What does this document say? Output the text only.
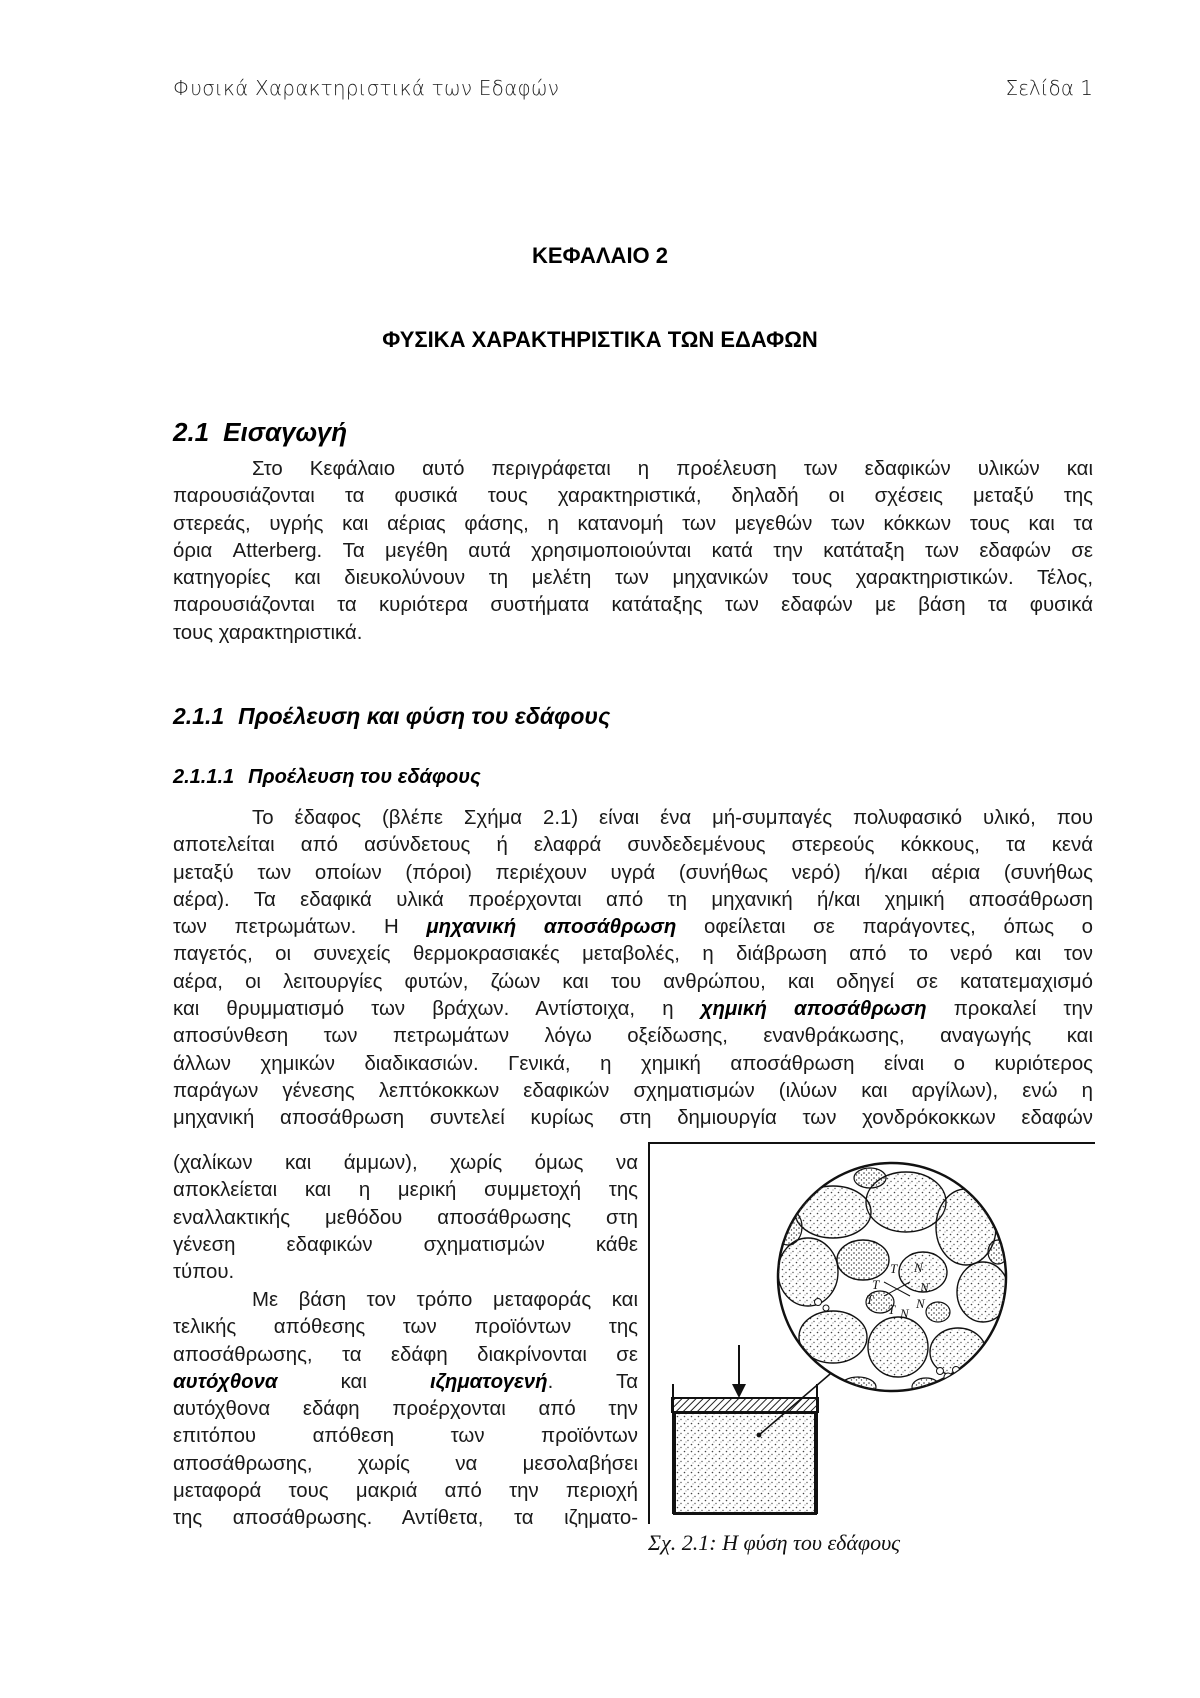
Φυσικά Χαρακτηριστικά των Εδαφών	Σελίδα 1
ΚΕΦΑΛΑΙΟ 2
ΦΥΣΙΚΑ ΧΑΡΑΚΤΗΡΙΣΤΙΚΑ ΤΩΝ ΕΔΑΦΩΝ
2.1 Εισαγωγή
Στο Κεφάλαιο αυτό περιγράφεται η προέλευση των εδαφικών υλικών και
παρουσιάζονται τα φυσικά τους χαρακτηριστικά, δηλαδή οι σχέσεις μεταξύ της
στερεάς, υγρής και αέριας φάσης, η κατανομή των μεγεθών των κόκκων τους και τα
όρια Atterberg. Τα μεγέθη αυτά χρησιμοποιούνται κατά την κατάταξη των εδαφών σε
κατηγορίες και διευκολύνουν τη μελέτη των μηχανικών τους χαρακτηριστικών. Τέλος,
παρουσιάζονται τα κυριότερα συστήματα κατάταξης των εδαφών με βάση τα φυσικά
τους χαρακτηριστικά.
2.1.1 Προέλευση και φύση του εδάφους
2.1.1.1 Προέλευση του εδάφους
Το έδαφος (βλέπε Σχήμα 2.1) είναι ένα μή-συμπαγές πολυφασικό υλικό, που
αποτελείται από ασύνδετους ή ελαφρά συνδεδεμένους στερεούς κόκκους, τα κενά
μεταξύ των οποίων (πόροι) περιέχουν υγρά (συνήθως νερό) ή/και αέρια (συνήθως
αέρα). Τα εδαφικά υλικά προέρχονται από τη μηχανική ή/και χημική αποσάθρωση
των πετρωμάτων. Η μηχανική αποσάθρωση οφείλεται σε παράγοντες, όπως ο
παγετός, οι συνεχείς θερμοκρασιακές μεταβολές, η διάβρωση από το νερό και τον
αέρα, οι λειτουργίες φυτών, ζώων και του ανθρώπου, και οδηγεί σε κατατεμαχισμό
και θρυμματισμό των βράχων. Αντίστοιχα, η χημική αποσάθρωση προκαλεί την
αποσύνθεση των πετρωμάτων λόγω οξείδωσης, ενανθράκωσης, αναγωγής και
άλλων χημικών διαδικασιών. Γενικά, η χημική αποσάθρωση είναι ο κυριότερος
παράγων γένεσης λεπτόκοκκων εδαφικών σχηματισμών (ιλύων και αργίλων), ενώ η
μηχανική αποσάθρωση συντελεί κυρίως στη δημιουργία των χονδρόκοκκων εδαφών
(χαλίκων και άμμων), χωρίς όμως να
αποκλείεται και η μερική συμμετοχή της
εναλλακτικής μεθόδου αποσάθρωσης στη
γένεση εδαφικών σχηματισμών κάθε
τύπου.
Με βάση τον τρόπο μεταφοράς και
τελικής απόθεσης των προϊόντων της
αποσάθρωσης, τα εδάφη διακρίνονται σε
αυτόχθονα και ιζηματογενή. Τα
αυτόχθονα εδάφη προέρχονται από την
επιτόπου απόθεση των προϊόντων
αποσάθρωσης, χωρίς να μεσολαβήσει
μεταφορά τους μακριά από την περιοχή
της αποσάθρωσης. Αντίθετα, τα ιζηματο-
T N
T	N
T	N
T N
Σχ. 2.1: Η φύση του εδάφους
